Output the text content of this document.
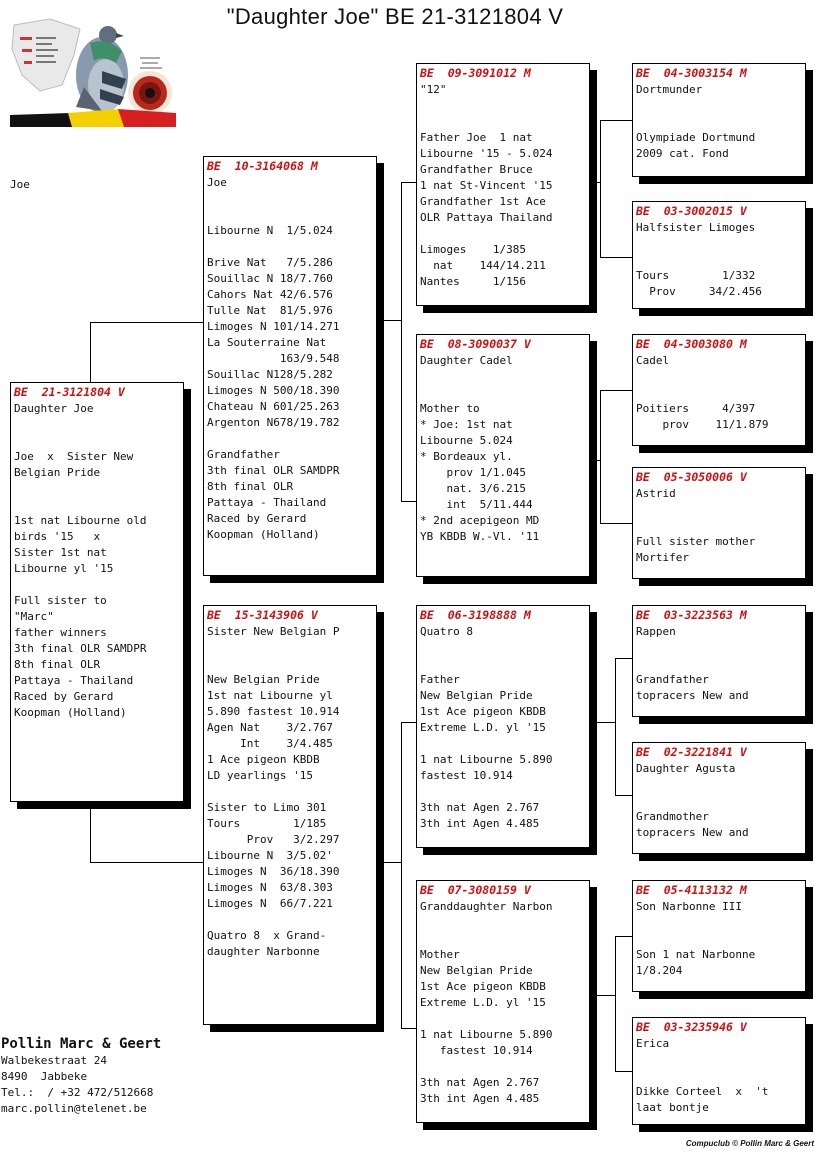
"Daughter Joe" BE 21-3121804 V
Joe
BE  21-3121804 V
Daughter Joe

Joe  x  Sister New
Belgian Pride

1st nat Libourne old
birds '15   x
Sister 1st nat
Libourne yl '15

Full sister to
"Marc"
father winners
3th final OLR SAMDPR
8th final OLR
Pattaya - Thailand
Raced by Gerard
Koopman (Holland)
BE  10-3164068 M
Joe

Libourne N  1/5.024

Brive Nat   7/5.286
Souillac N 18/7.760
Cahors Nat 42/6.576
Tulle Nat  81/5.976
Limoges N 101/14.271
La Souterraine Nat
163/9.548
Souillac N128/5.282
Limoges N 500/18.390
Chateau N 601/25.263
Argenton N678/19.782

Grandfather
3th final OLR SAMDPR
8th final OLR
Pattaya - Thailand
Raced by Gerard
Koopman (Holland)
BE  15-3143906 V
Sister New Belgian P

New Belgian Pride
1st nat Libourne yl
5.890 fastest 10.914
Agen Nat    3/2.767
Int    3/4.485
1 Ace pigeon KBDB
LD yearlings '15

Sister to Limo 301
Tours        1/185
Prov   3/2.297
Libourne N  3/5.02'
Limoges N  36/18.390
Limoges N  63/8.303
Limoges N  66/7.221

Quatro 8  x Grand-
daughter Narbonne
BE  09-3091012 M
"12"

Father Joe  1 nat
Libourne '15 - 5.024
Grandfather Bruce
1 nat St-Vincent '15
Grandfather 1st Ace
OLR Pattaya Thailand

Limoges    1/385
nat    144/14.211
Nantes     1/156
BE  08-3090037 V
Daughter Cadel

Mother to
* Joe: 1st nat
Libourne 5.024
* Bordeaux yl.
prov 1/1.045
nat. 3/6.215
int  5/11.444
* 2nd acepigeon MD
YB KBDB W.-Vl. '11
BE  06-3198888 M
Quatro 8

Father
New Belgian Pride
1st Ace pigeon KBDB
Extreme L.D. yl '15

1 nat Libourne 5.890
fastest 10.914

3th nat Agen 2.767
3th int Agen 4.485
BE  07-3080159 V
Granddaughter Narbon

Mother
New Belgian Pride
1st Ace pigeon KBDB
Extreme L.D. yl '15

1 nat Libourne 5.890
fastest 10.914

3th nat Agen 2.767
3th int Agen 4.485
BE  04-3003154 M
Dortmunder

Olympiade Dortmund
2009 cat. Fond
BE  03-3002015 V
Halfsister Limoges

Tours        1/332
Prov     34/2.456
BE  04-3003080 M
Cadel

Poitiers     4/397
prov    11/1.879
BE  05-3050006 V
Astrid

Full sister mother
Mortifer
BE  03-3223563 M
Rappen

Grandfather
topracers New and
BE  02-3221841 V
Daughter Agusta

Grandmother
topracers New and
BE  05-4113132 M
Son Narbonne III

Son 1 nat Narbonne
1/8.204
BE  03-3235946 V
Erica

Dikke Corteel  x  't
laat bontje
Pollin Marc & Geert
Walbekestraat 24
8490  Jabbeke
Tel.:  / +32 472/512668
marc.pollin@telenet.be
Compuclub © Pollin Marc & Geert
